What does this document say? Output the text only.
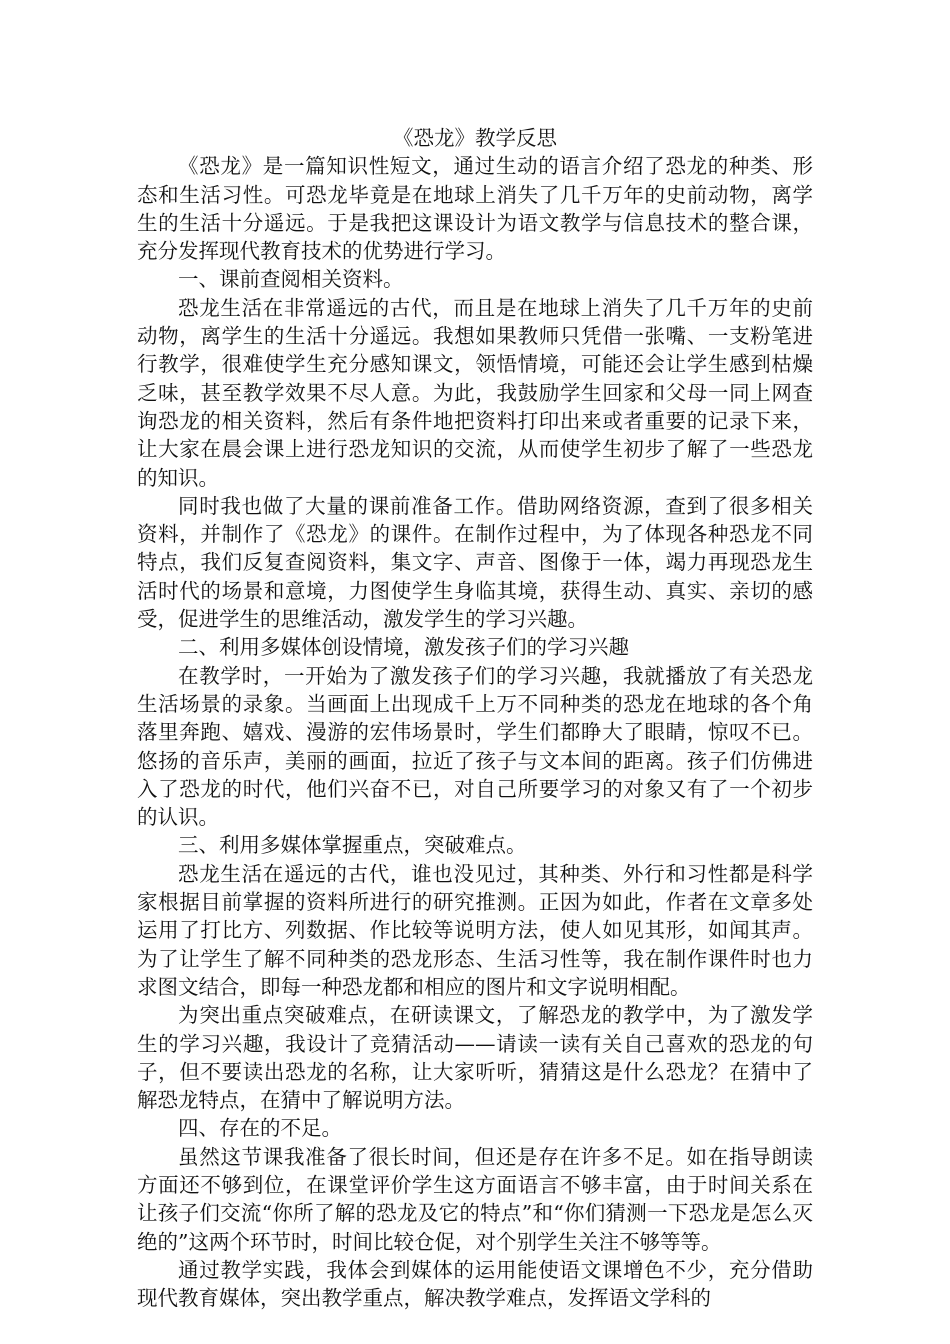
《恐龙》教学反思

《恐龙》是一篇知识性短文，通过生动的语言介绍了恐龙的种类、形态和生活习性。可恐龙毕竟是在地球上消失了几千万年的史前动物，离学生的生活十分遥远。于是我把这课设计为语文教学与信息技术的整合课，充分发挥现代教育技术的优势进行学习。

一、课前查阅相关资料。

恐龙生活在非常遥远的古代，而且是在地球上消失了几千万年的史前动物，离学生的生活十分遥远。我想如果教师只凭借一张嘴、一支粉笔进行教学，很难使学生充分感知课文，领悟情境，可能还会让学生感到枯燥乏味，甚至教学效果不尽人意。为此，我鼓励学生回家和父母一同上网查询恐龙的相关资料，然后有条件地把资料打印出来或者重要的记录下来，让大家在晨会课上进行恐龙知识的交流，从而使学生初步了解了一些恐龙的知识。

同时我也做了大量的课前准备工作。借助网络资源，查到了很多相关资料，并制作了《恐龙》的课件。在制作过程中，为了体现各种恐龙不同特点，我们反复查阅资料，集文字、声音、图像于一体，竭力再现恐龙生活时代的场景和意境，力图使学生身临其境，获得生动、真实、亲切的感受，促进学生的思维活动，激发学生的学习兴趣。

二、利用多媒体创设情境，激发孩子们的学习兴趣

在教学时，一开始为了激发孩子们的学习兴趣，我就播放了有关恐龙生活场景的录象。当画面上出现成千上万不同种类的恐龙在地球的各个角落里奔跑、嬉戏、漫游的宏伟场景时，学生们都睁大了眼睛，惊叹不已。悠扬的音乐声，美丽的画面，拉近了孩子与文本间的距离。孩子们仿佛进入了恐龙的时代，他们兴奋不已，对自己所要学习的对象又有了一个初步的认识。

三、利用多媒体掌握重点，突破难点。

恐龙生活在遥远的古代，谁也没见过，其种类、外行和习性都是科学家根据目前掌握的资料所进行的研究推测。正因为如此，作者在文章多处运用了打比方、列数据、作比较等说明方法，使人如见其形，如闻其声。为了让学生了解不同种类的恐龙形态、生活习性等，我在制作课件时也力求图文结合，即每一种恐龙都和相应的图片和文字说明相配。

为突出重点突破难点，在研读课文，了解恐龙的教学中，为了激发学生的学习兴趣，我设计了竞猜活动——请读一读有关自己喜欢的恐龙的句子，但不要读出恐龙的名称，让大家听听，猜猜这是什么恐龙？在猜中了解恐龙特点，在猜中了解说明方法。

四、存在的不足。

虽然这节课我准备了很长时间，但还是存在许多不足。如在指导朗读方面还不够到位，在课堂评价学生这方面语言不够丰富，由于时间关系在让孩子们交流“你所了解的恐龙及它的特点”和“你们猜测一下恐龙是怎么灭绝的”这两个环节时，时间比较仓促，对个别学生关注不够等等。

通过教学实践，我体会到媒体的运用能使语文课增色不少，充分借助现代教育媒体，突出教学重点，解决教学难点，发挥语文学科的
